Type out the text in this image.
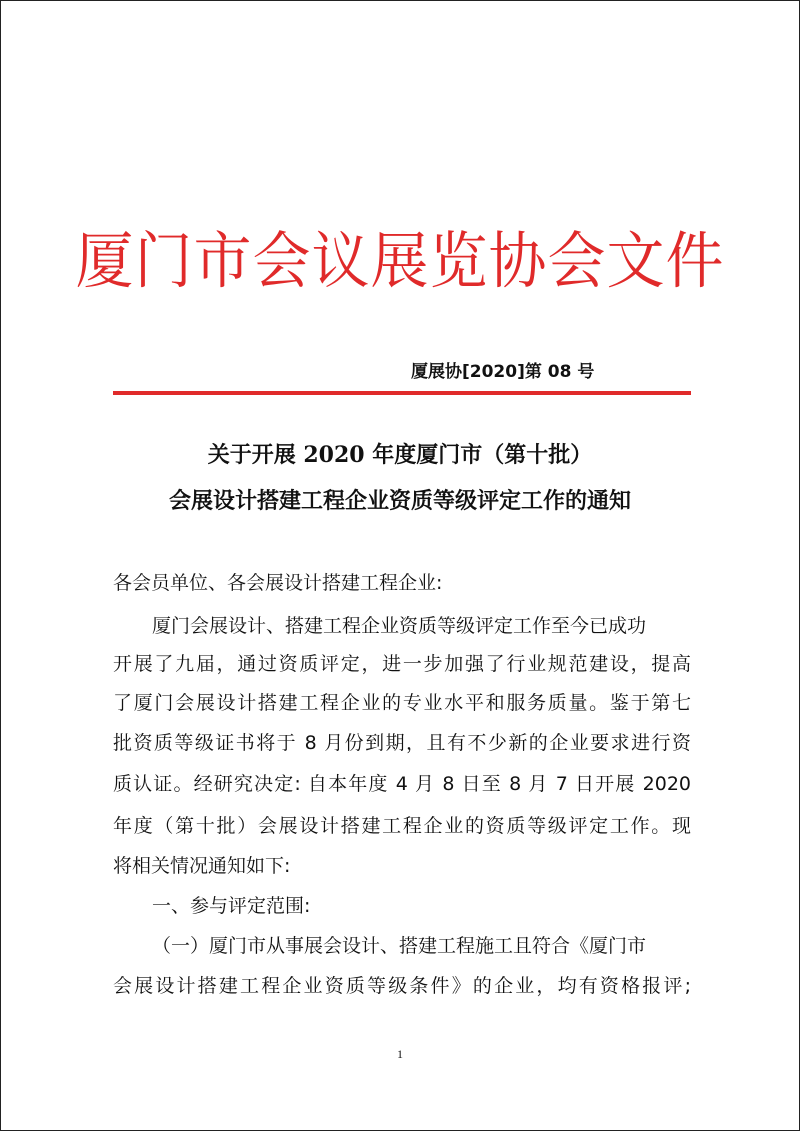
厦门市会议展览协会文件
厦展协[2020]第 08 号
关于开展 2020 年度厦门市（第十批）
会展设计搭建工程企业资质等级评定工作的通知
各会员单位、各会展设计搭建工程企业:
厦门会展设计、搭建工程企业资质等级评定工作至今已成功
开展了九届，通过资质评定，进一步加强了行业规范建设，提高
了厦门会展设计搭建工程企业的专业水平和服务质量。鉴于第七
批资质等级证书将于 8 月份到期，且有不少新的企业要求进行资
质认证。经研究决定: 自本年度 4 月 8 日至 8 月 7 日开展 2020
年度（第十批）会展设计搭建工程企业的资质等级评定工作。现
将相关情况通知如下:
一、参与评定范围:
（一）厦门市从事展会设计、搭建工程施工且符合《厦门市
会展设计搭建工程企业资质等级条件》的企业，均有资格报评;
1
